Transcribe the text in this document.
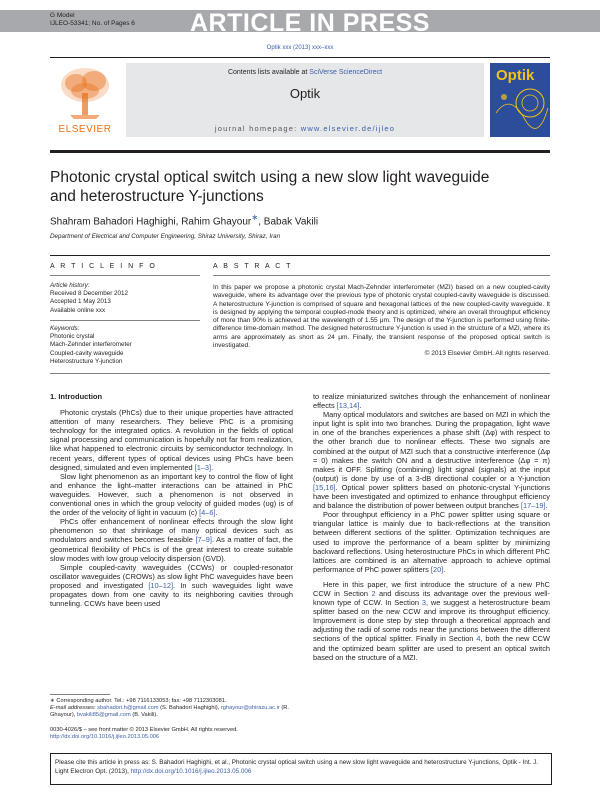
G Model
IJLEO-53341; No. of Pages 6 ARTICLE IN PRESS
Optik xxx (2013) xxx–xxx
ELSEVIER
Contents lists available at SciVerse ScienceDirect
Optik
journal homepage: www.elsevier.de/ijleo
Optik
Photonic crystal optical switch using a new slow light waveguide and heterostructure Y-junctions
Shahram Bahadori Haghighi, Rahim Ghayour∗, Babak Vakili
Department of Electrical and Computer Engineering, Shiraz University, Shiraz, Iran
A R T I C L E I N F O	A B S T R A C T
Article history:
Received 8 December 2012
Accepted 1 May 2013
Available online xxx
Keywords:
Photonic crystal
Mach-Zehnder interferometer
Coupled-cavity waveguide
Heterostructure Y-junction
In this paper we propose a photonic crystal Mach-Zehnder interferometer (MZI) based on a new coupled-cavity waveguide, where its advantage over the previous type of photonic crystal coupled-cavity waveguide is discussed. A heterostructure Y-junction is comprised of square and hexagonal lattices of the new coupled-cavity waveguide. It is designed by applying the temporal coupled-mode theory and is optimized, where an overall throughput efficiency of more than 90% is achieved at the wavelength of 1.55 μm. The design of the Y-junction is performed using finite-difference time-domain method. The designed heterostructure Y-junction is used in the structure of a MZI, where its arms are approximately as short as 24 μm. Finally, the transient response of the proposed optical switch is investigated.
© 2013 Elsevier GmbH. All rights reserved.
1. Introduction

Photonic crystals (PhCs) due to their unique properties have attracted attention of many researchers. They believe PhC is a promising technology for the integrated optics. A revolution in the fields of optical signal processing and communication is hopefully not far from realization, like what happened to electronic circuits by semiconductor technology. In recent years, different types of optical devices using PhCs have been designed, simulated and even implemented [1–3].

Slow light phenomenon as an important key to control the flow of light and enhance the light–matter interactions can be attained in PhC waveguides. However, such a phenomenon is not observed in conventional ones in which the group velocity of guided modes (υg) is of the order of the velocity of light in vacuum (c) [4–6].

PhCs offer enhancement of nonlinear effects through the slow light phenomenon so that shrinkage of many optical devices such as modulators and switches becomes feasible [7–9]. As a matter of fact, the geometrical flexibility of PhCs is of the great interest to create suitable slow modes with low group velocity dispersion (GVD).

Simple coupled-cavity waveguides (CCWs) or coupled-resonator oscillator waveguides (CROWs) as slow light PhC waveguides have been proposed and investigated [10–12]. In such waveguides light wave propagates down from one cavity to its neighboring cavities through tunneling. CCWs have been used

to realize miniaturized switches through the enhancement of nonlinear effects [13,14].

Many optical modulators and switches are based on MZI in which the input light is split into two branches. During the propagation, light wave in one of the branches experiences a phase shift (Δφ) with respect to the other branch due to nonlinear effects. These two signals are combined at the output of MZI such that a constructive interference (Δφ = 0) makes the switch ON and a destructive interference (Δφ = π) makes it OFF. Splitting (combining) light signal (signals) at the input (output) is done by use of a 3-dB directional coupler or a Y-junction [15,16]. Optical power splitters based on photonic-crystal Y-junctions have been investigated and optimized to enhance throughput efficiency and balance the distribution of power between output branches [17–19].

Poor throughput efficiency in a PhC power splitter using square or triangular lattice is mainly due to back-reflections at the transition between different sections of the splitter. Optimization techniques are used to improve the performance of a beam splitter by minimizing backward reflections. Using heterostructure PhCs in which different PhC lattices are combined is an alternative approach to achieve optimal performance of PhC power splitters [20].

Here in this paper, we first introduce the structure of a new PhC CCW in Section 2 and discuss its advantage over the previous well-known type of CCW. In Section 3, we suggest a heterostructure beam splitter based on the new CCW and improve its throughput efficiency. Improvement is done step by step through a theoretical approach and adjusting the radii of some rods near the junctions between the different sections of the optical splitter. Finally in Section 4, both the new CCW and the optimized beam splitter are used to present an optical switch based on the structure of a MZI.

∗ Corresponding author. Tel.: +98 7116133053; fax: +98 7112303081.
E-mail addresses: sbahadori.h@gmail.com (S. Bahadori Haghighi), rghayour@shirazu.ac.ir (R. Ghayour), bvakili85@gmail.com (B. Vakili).
0030-4026/$ – see front matter © 2013 Elsevier GmbH. All rights reserved.
http://dx.doi.org/10.1016/j.ijleo.2013.05.006
Please cite this article in press as: S. Bahadori Haghighi, et al., Photonic crystal optical switch using a new slow light waveguide and heterostructure Y-junctions, Optik - Int. J. Light Electron Opt. (2013), http://dx.doi.org/10.1016/j.ijleo.2013.05.006
